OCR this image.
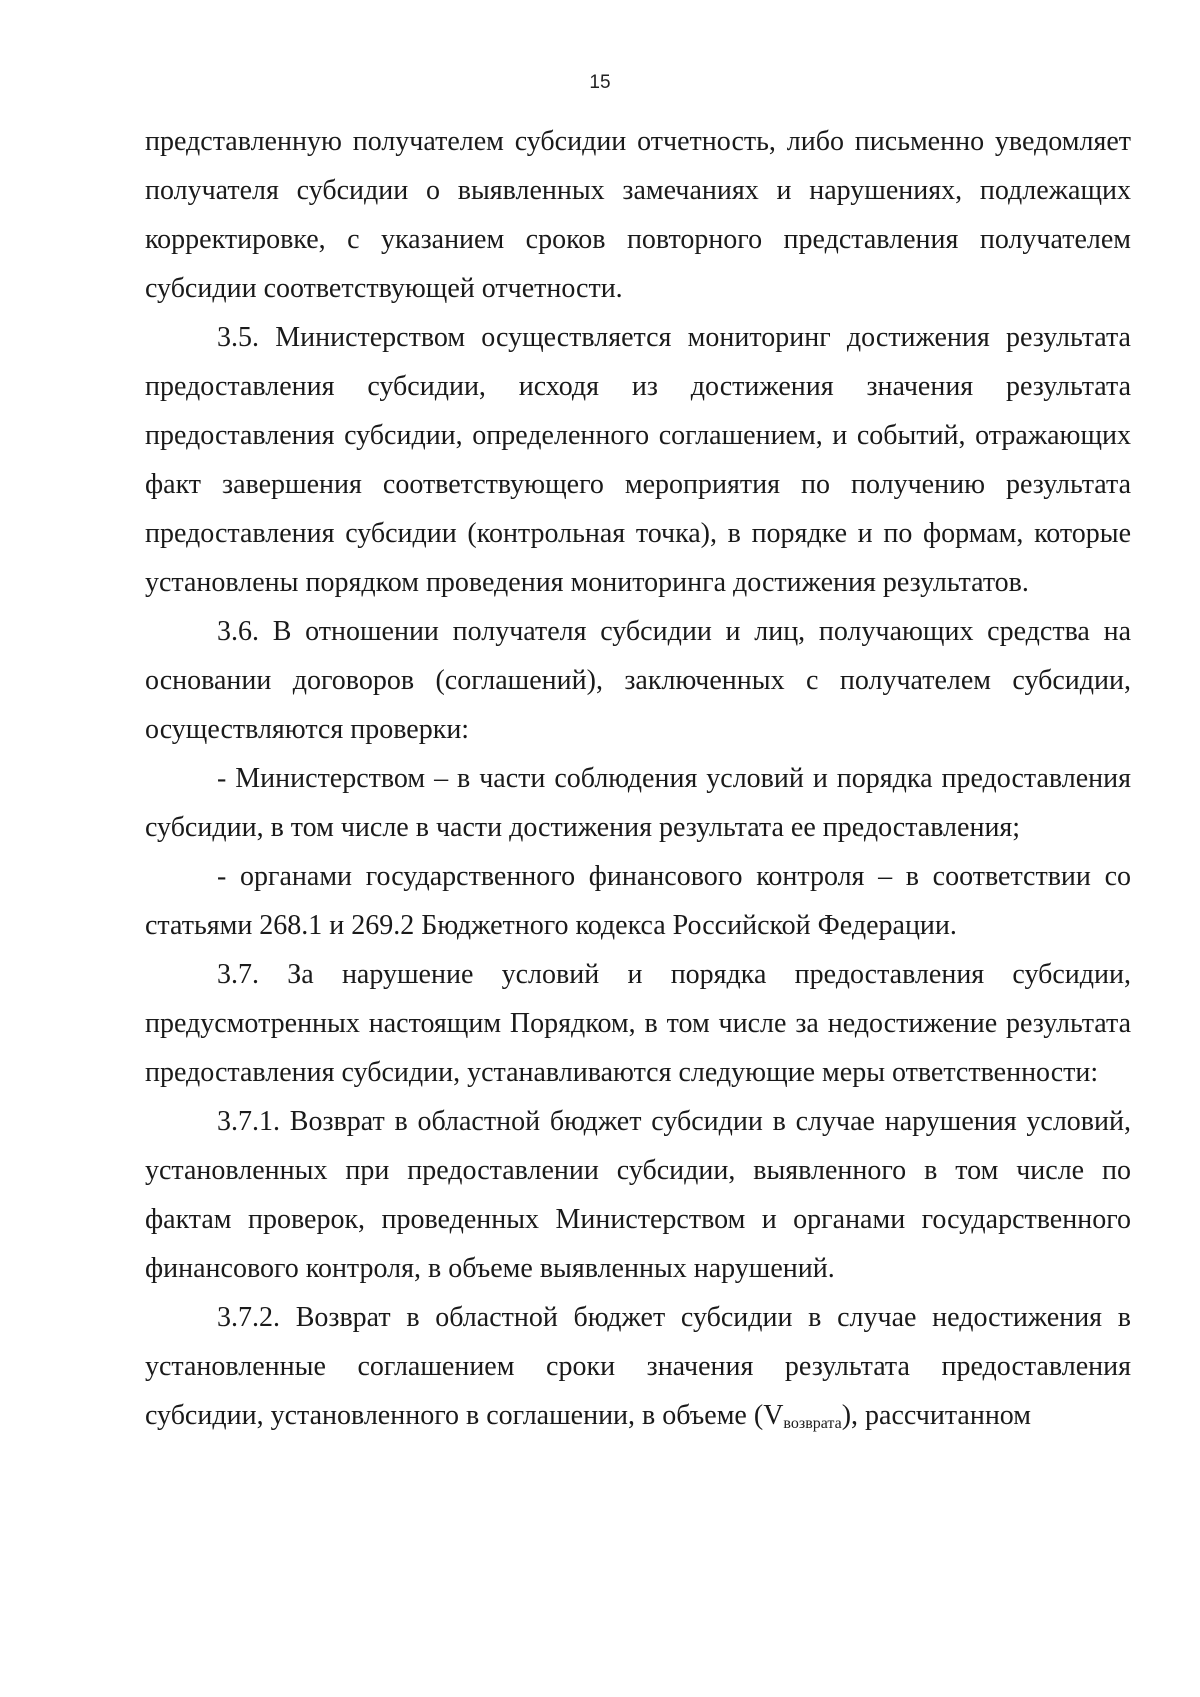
15

представленную получателем субсидии отчетность, либо письменно уведомляет получателя субсидии о выявленных замечаниях и нарушениях, подлежащих корректировке, с указанием сроков повторного представления получателем субсидии соответствующей отчетности.

3.5. Министерством осуществляется мониторинг достижения результата предоставления субсидии, исходя из достижения значения результата предоставления субсидии, определенного соглашением, и событий, отражающих факт завершения соответствующего мероприятия по получению результата предоставления субсидии (контрольная точка), в порядке и по формам, которые установлены порядком проведения мониторинга достижения результатов.

3.6. В отношении получателя субсидии и лиц, получающих средства на основании договоров (соглашений), заключенных с получателем субсидии, осуществляются проверки:

- Министерством – в части соблюдения условий и порядка предоставления субсидии, в том числе в части достижения результата ее предоставления;

- органами государственного финансового контроля – в соответствии со статьями 268.1 и 269.2 Бюджетного кодекса Российской Федерации.

3.7. За нарушение условий и порядка предоставления субсидии, предусмотренных настоящим Порядком, в том числе за недостижение результата предоставления субсидии, устанавливаются следующие меры ответственности:

3.7.1. Возврат в областной бюджет субсидии в случае нарушения условий, установленных при предоставлении субсидии, выявленного в том числе по фактам проверок, проведенных Министерством и органами государственного финансового контроля, в объеме выявленных нарушений.

3.7.2. Возврат в областной бюджет субсидии в случае недостижения в установленные соглашением сроки значения результата предоставления субсидии, установленного в соглашении, в объеме $(V_{возврата})$, рассчитанном
